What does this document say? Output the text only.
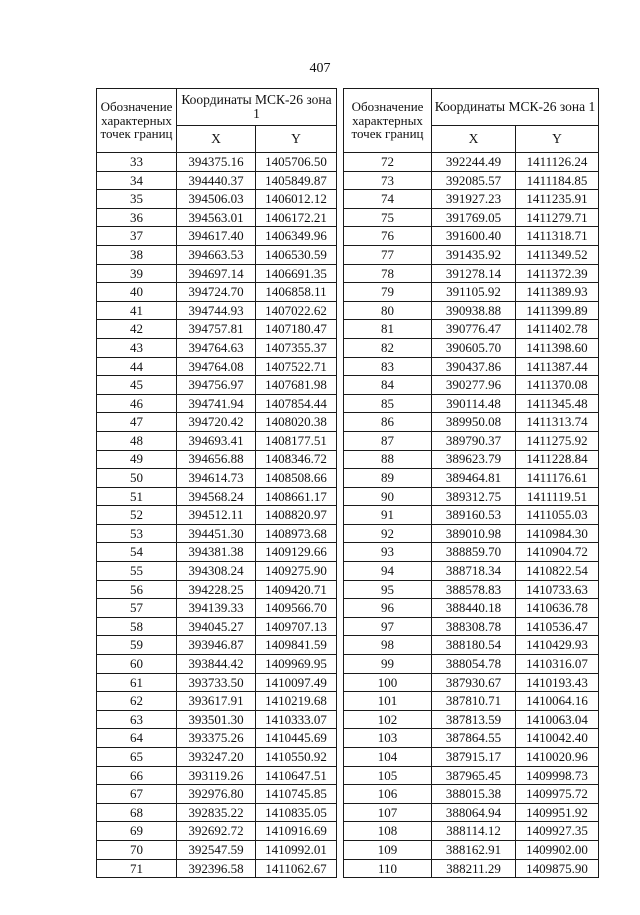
407
Обозначение характерных точек границ	Координаты МСК-26 зона 1	
	X	Y
33	394375.16	1405706.50
34	394440.37	1405849.87
35	394506.03	1406012.12
36	394563.01	1406172.21
37	394617.40	1406349.96
38	394663.53	1406530.59
39	394697.14	1406691.35
40	394724.70	1406858.11
41	394744.93	1407022.62
42	394757.81	1407180.47
43	394764.63	1407355.37
44	394764.08	1407522.71
45	394756.97	1407681.98
46	394741.94	1407854.44
47	394720.42	1408020.38
48	394693.41	1408177.51
49	394656.88	1408346.72
50	394614.73	1408508.66
51	394568.24	1408661.17
52	394512.11	1408820.97
53	394451.30	1408973.68
54	394381.38	1409129.66
55	394308.24	1409275.90
56	394228.25	1409420.71
57	394139.33	1409566.70
58	394045.27	1409707.13
59	393946.87	1409841.59
60	393844.42	1409969.95
61	393733.50	1410097.49
62	393617.91	1410219.68
63	393501.30	1410333.07
64	393375.26	1410445.69
65	393247.20	1410550.92
66	393119.26	1410647.51
67	392976.80	1410745.85
68	392835.22	1410835.05
69	392692.72	1410916.69
70	392547.59	1410992.01
71	392396.58	1411062.67
Обозначение характерных точек границ	Координаты МСК-26 зона 1	
	X	Y
72	392244.49	1411126.24
73	392085.57	1411184.85
74	391927.23	1411235.91
75	391769.05	1411279.71
76	391600.40	1411318.71
77	391435.92	1411349.52
78	391278.14	1411372.39
79	391105.92	1411389.93
80	390938.88	1411399.89
81	390776.47	1411402.78
82	390605.70	1411398.60
83	390437.86	1411387.44
84	390277.96	1411370.08
85	390114.48	1411345.48
86	389950.08	1411313.74
87	389790.37	1411275.92
88	389623.79	1411228.84
89	389464.81	1411176.61
90	389312.75	1411119.51
91	389160.53	1411055.03
92	389010.98	1410984.30
93	388859.70	1410904.72
94	388718.34	1410822.54
95	388578.83	1410733.63
96	388440.18	1410636.78
97	388308.78	1410536.47
98	388180.54	1410429.93
99	388054.78	1410316.07
100	387930.67	1410193.43
101	387810.71	1410064.16
102	387813.59	1410063.04
103	387864.55	1410042.40
104	387915.17	1410020.96
105	387965.45	1409998.73
106	388015.38	1409975.72
107	388064.94	1409951.92
108	388114.12	1409927.35
109	388162.91	1409902.00
110	388211.29	1409875.90
